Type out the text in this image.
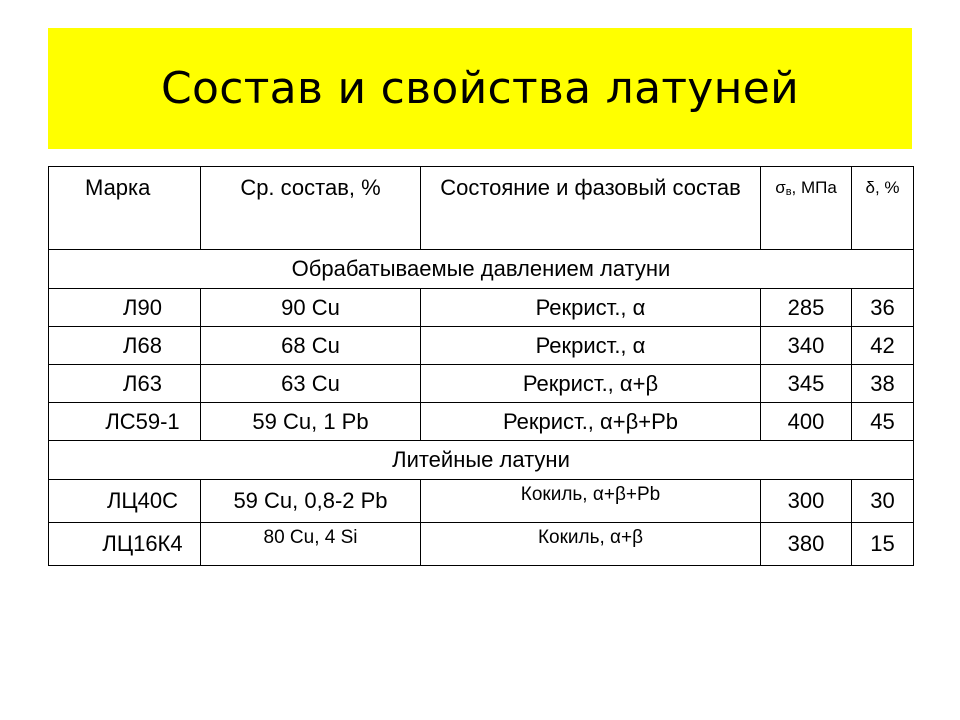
Состав и свойства латуней
Марка	Ср. состав, %	Состояние и фазовый состав	σв, МПа	δ, %
Обрабатываемые давлением латуни				
Л90	90 Cu	Рекрист., α	285	36
Л68	68 Cu	Рекрист., α	340	42
Л63	63 Cu	Рекрист., α+β	345	38
ЛС59-1	59 Cu, 1 Pb	Рекрист., α+β+Pb	400	45
Литейные латуни				
ЛЦ40С	59 Cu, 0,8-2 Pb	Кокиль, α+β+Pb	300	30
ЛЦ16К4	80 Cu, 4 Si	Кокиль, α+β	380	15
